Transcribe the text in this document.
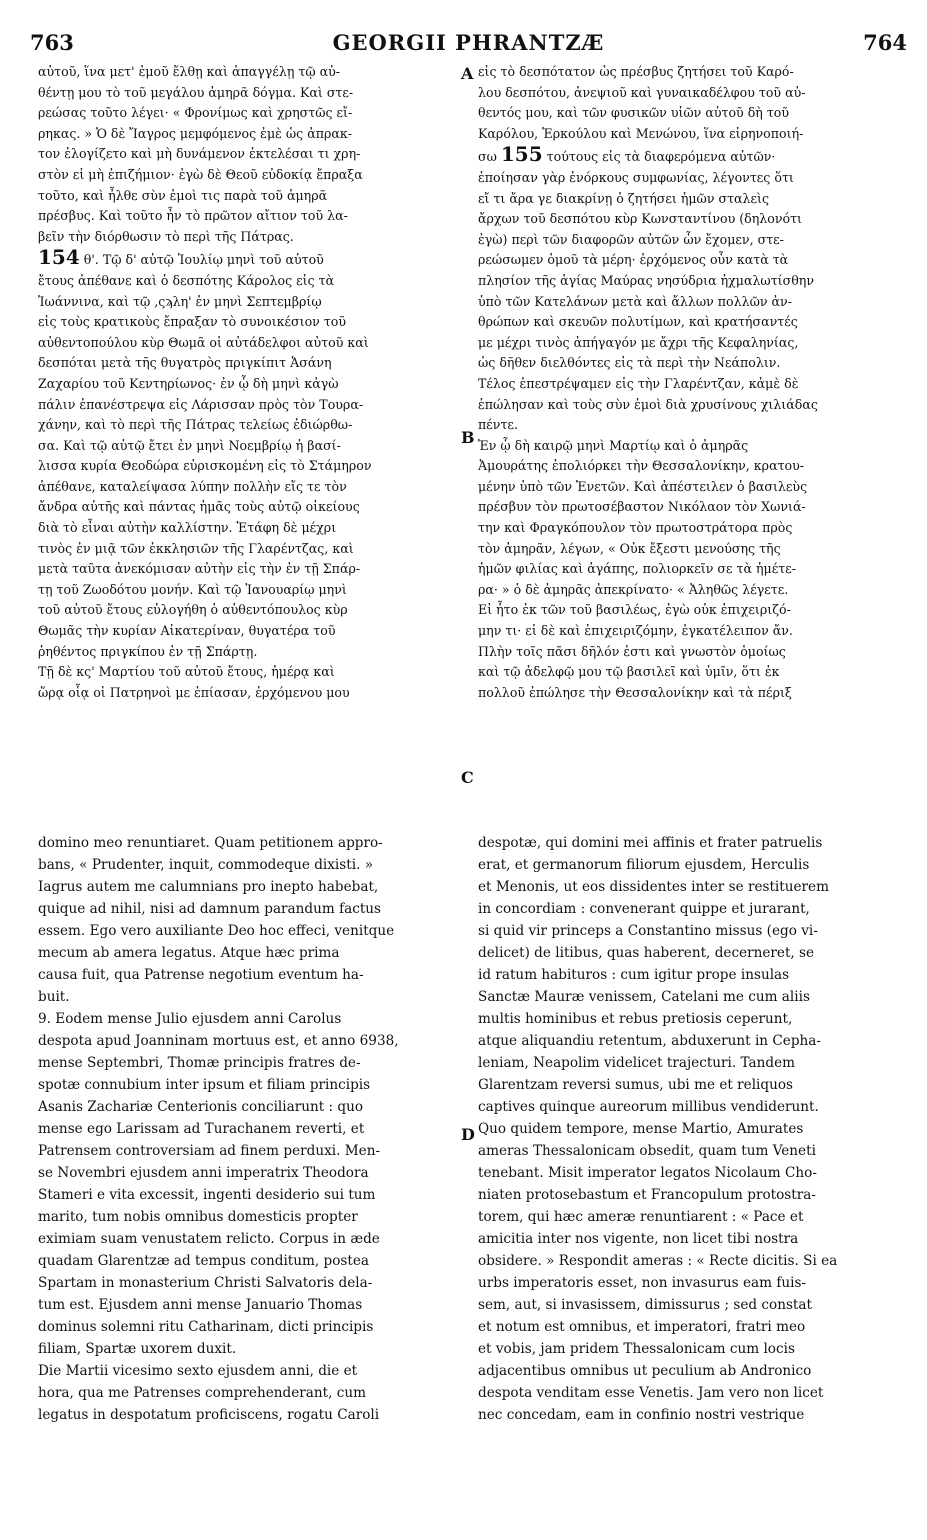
763	GEORGII PHRANTZÆ	764
αὐτοῦ, ἵνα μετ' ἐμοῦ ἔλθῃ καὶ ἀπαγγέλῃ τῷ αὐ-
θέντῃ μου τὸ τοῦ μεγάλου ἀμηρᾶ δόγμα. Καὶ στε-
ρεώσας τοῦτο λέγει· « Φρονίμως καὶ χρηστῶς εἴ-
ρηκας. » Ὁ δὲ Ἴαγρος μεμφόμενος ἐμὲ ὡς ἀπρακ-
τον ἐλογίζετο καὶ μὴ δυνάμενον ἐκτελέσαι τι χρη-
στὸν εἰ μὴ ἐπιζήμιον· ἐγὼ δὲ Θεοῦ εὐδοκίᾳ ἔπραξα
τοῦτο, καὶ ἦλθε σὺν ἐμοὶ τις παρὰ τοῦ ἀμηρᾶ
πρέσβυς. Καὶ τοῦτο ἦν τὸ πρῶτον αἴτιον τοῦ λα-
βεῖν τὴν διόρθωσιν τὸ περὶ τῆς Πάτρας.
154 θ'. Τῷ δ' αὐτῷ Ἰουλίῳ μηνὶ τοῦ αὐτοῦ
ἔτους ἀπέθανε καὶ ὁ δεσπότης Κάρολος εἰς τὰ
Ἰωάννινα, καὶ τῷ ,ςϡλη' ἐν μηνὶ Σεπτεμβρίῳ
εἰς τοὺς κρατικοὺς ἔπραξαν τὸ συνοικέσιον τοῦ
αὐθεντοπούλου κὺρ Θωμᾶ οἱ αὐτάδελφοι αὐτοῦ καὶ
δεσπόται μετὰ τῆς θυγατρὸς πριγκίπιτ Ἀσάνη
Ζαχαρίου τοῦ Κεντηρίωνος· ἐν ᾧ δὴ μηνὶ κἀγὼ
πάλιν ἐπανέστρεψα εἰς Λάρισσαν πρὸς τὸν Τουρα-
χάνην, καὶ τὸ περὶ τῆς Πάτρας τελείως ἐδιώρθω-
σα. Καὶ τῷ αὐτῷ ἔτει ἐν μηνὶ Νοεμβρίῳ ἡ βασί-
λισσα κυρία Θεοδώρα εὑρισκομένη εἰς τὸ Στάμηρον
ἀπέθανε, καταλείψασα λύπην πολλὴν εἴς τε τὸν
ἄνδρα αὐτῆς καὶ πάντας ἡμᾶς τοὺς αὐτῷ οἰκείους
διὰ τὸ εἶναι αὐτὴν καλλίστην. Ἐτάφη δὲ μέχρι
τινὸς ἐν μιᾷ τῶν ἐκκλησιῶν τῆς Γλαρέντζας, καὶ
μετὰ ταῦτα ἀνεκόμισαν αὐτὴν εἰς τὴν ἐν τῇ Σπάρ-
τῃ τοῦ Ζωοδότου μονήν. Καὶ τῷ Ἰανουαρίῳ μηνὶ
τοῦ αὐτοῦ ἔτους εὐλογήθη ὁ αὐθεντόπουλος κὺρ
Θωμᾶς τὴν κυρίαν Αἰκατερίναν, θυγατέρα τοῦ
ῥηθέντος πριγκίπου ἐν τῇ Σπάρτῃ.
Τῇ δὲ κς' Μαρτίου τοῦ αὐτοῦ ἔτους, ἡμέρᾳ καὶ
ὥρᾳ οἷᾳ οἱ Πατρηνοὶ με ἐπίασαν, ἐρχόμενου μου
εἰς τὸ δεσπότατον ὡς πρέσβυς ζητήσει τοῦ Καρό-
λου δεσπότου, ἀνεψιοῦ καὶ γυναικαδέλφου τοῦ αὐ-
θεντός μου, καὶ τῶν φυσικῶν υἱῶν αὐτοῦ δὴ τοῦ
Καρόλου, Ἑρκούλου καὶ Μενώνου, ἵνα εἰρηνοποιή-
σω 155 τούτους εἰς τὰ διαφερόμενα αὐτῶν·
ἐποίησαν γὰρ ἐνόρκους συμφωνίας, λέγοντες ὅτι
εἴ τι ἄρα γε διακρίνῃ ὁ ζητήσει ἡμῶν σταλεὶς
ἄρχων τοῦ δεσπότου κὺρ Κωνσταντίνου (δηλονότι
ἐγὼ) περὶ τῶν διαφορῶν αὐτῶν ὧν ἔχομεν, στε-
ρεώσωμεν ὁμοῦ τὰ μέρη· ἐρχόμενος οὖν κατὰ τὰ
πλησίον τῆς ἁγίας Μαύρας νησύδρια ἠχμαλωτίσθην
ὑπὸ τῶν Κατελάνων μετὰ καὶ ἄλλων πολλῶν ἀν-
θρώπων καὶ σκευῶν πολυτίμων, καὶ κρατήσαντές
με μέχρι τινὸς ἀπήγαγόν με ἄχρι τῆς Κεφαληνίας,
ὡς δῆθεν διελθόντες εἰς τὰ περὶ τὴν Νεάπολιν.
Τέλος ἐπεστρέψαμεν εἰς τὴν Γλαρέντζαν, κἀμὲ δὲ
ἐπώλησαν καὶ τοὺς σὺν ἐμοὶ διὰ χρυσίνους χιλιάδας
πέντε.
Ἐν ᾧ δὴ καιρῷ μηνὶ Μαρτίῳ καὶ ὁ ἀμηρᾶς
Ἀμουράτης ἐπολιόρκει τὴν Θεσσαλονίκην, κρατου-
μένην ὑπὸ τῶν Ἑνετῶν. Καὶ ἀπέστειλεν ὁ βασιλεὺς
πρέσβυν τὸν πρωτοσέβαστον Νικόλαον τὸν Χωνιά-
την καὶ Φραγκόπουλον τὸν πρωτοστράτορα πρὸς
τὸν ἀμηρᾶν, λέγων, « Οὐκ ἔξεστι μενούσης τῆς
ἡμῶν φιλίας καὶ ἀγάπης, πολιορκεῖν σε τὰ ἡμέτε-
ρα· » ὁ δὲ ἀμηρᾶς ἀπεκρίνατο· « Ἀληθῶς λέγετε.
Εἰ ἦτο ἐκ τῶν τοῦ βασιλέως, ἐγὼ οὐκ ἐπιχειριζό-
μην τι· εἰ δὲ καὶ ἐπιχειριζόμην, ἐγκατέλειπον ἄν.
Πλὴν τοῖς πᾶσι δῆλόν ἐστι καὶ γνωστὸν ὁμοίως
καὶ τῷ ἀδελφῷ μου τῷ βασιλεῖ καὶ ὑμῖν, ὅτι ἐκ
πολλοῦ ἐπώλησε τὴν Θεσσαλονίκην καὶ τὰ πέριξ
A
B
C
D
domino meo renuntiaret. Quam petitionem appro-
bans, « Prudenter, inquit, commodeque dixisti. »
Iagrus autem me calumnians pro inepto habebat,
quique ad nihil, nisi ad damnum parandum factus
essem. Ego vero auxiliante Deo hoc effeci, venitque
mecum ab amera legatus. Atque hæc prima
causa fuit, qua Patrense negotium eventum ha-
buit.
9. Eodem mense Julio ejusdem anni Carolus
despota apud Joanninam mortuus est, et anno 6938,
mense Septembri, Thomæ principis fratres de-
spotæ connubium inter ipsum et filiam principis
Asanis Zachariæ Centerionis conciliarunt : quo
mense ego Larissam ad Turachanem reverti, et
Patrensem controversiam ad finem perduxi. Men-
se Novembri ejusdem anni imperatrix Theodora
Stameri e vita excessit, ingenti desiderio sui tum
marito, tum nobis omnibus domesticis propter
eximiam suam venustatem relicto. Corpus in æde
quadam Glarentzæ ad tempus conditum, postea
Spartam in monasterium Christi Salvatoris dela-
tum est. Ejusdem anni mense Januario Thomas
dominus solemni ritu Catharinam, dicti principis
filiam, Spartæ uxorem duxit.
Die Martii vicesimo sexto ejusdem anni, die et
hora, qua me Patrenses comprehenderant, cum
legatus in despotatum proficiscens, rogatu Caroli
despotæ, qui domini mei affinis et frater patruelis
erat, et germanorum filiorum ejusdem, Herculis
et Menonis, ut eos dissidentes inter se restituerem
in concordiam : convenerant quippe et jurarant,
si quid vir princeps a Constantino missus (ego vi-
delicet) de litibus, quas haberent, decerneret, se
id ratum habituros : cum igitur prope insulas
Sanctæ Mauræ venissem, Catelani me cum aliis
multis hominibus et rebus pretiosis ceperunt,
atque aliquandiu retentum, abduxerunt in Cepha-
leniam, Neapolim videlicet trajecturi. Tandem
Glarentzam reversi sumus, ubi me et reliquos
captives quinque aureorum millibus vendiderunt.
Quo quidem tempore, mense Martio, Amurates
ameras Thessalonicam obsedit, quam tum Veneti
tenebant. Misit imperator legatos Nicolaum Cho-
niaten protosebastum et Francopulum protostra-
torem, qui hæc ameræ renuntiarent : « Pace et
amicitia inter nos vigente, non licet tibi nostra
obsidere. » Respondit ameras : « Recte dicitis. Si ea
urbs imperatoris esset, non invasurus eam fuis-
sem, aut, si invasissem, dimissurus ; sed constat
et notum est omnibus, et imperatori, fratri meo
et vobis, jam pridem Thessalonicam cum locis
adjacentibus omnibus ut peculium ab Andronico
despota venditam esse Venetis. Jam vero non licet
nec concedam, eam in confinio nostri vestrique
